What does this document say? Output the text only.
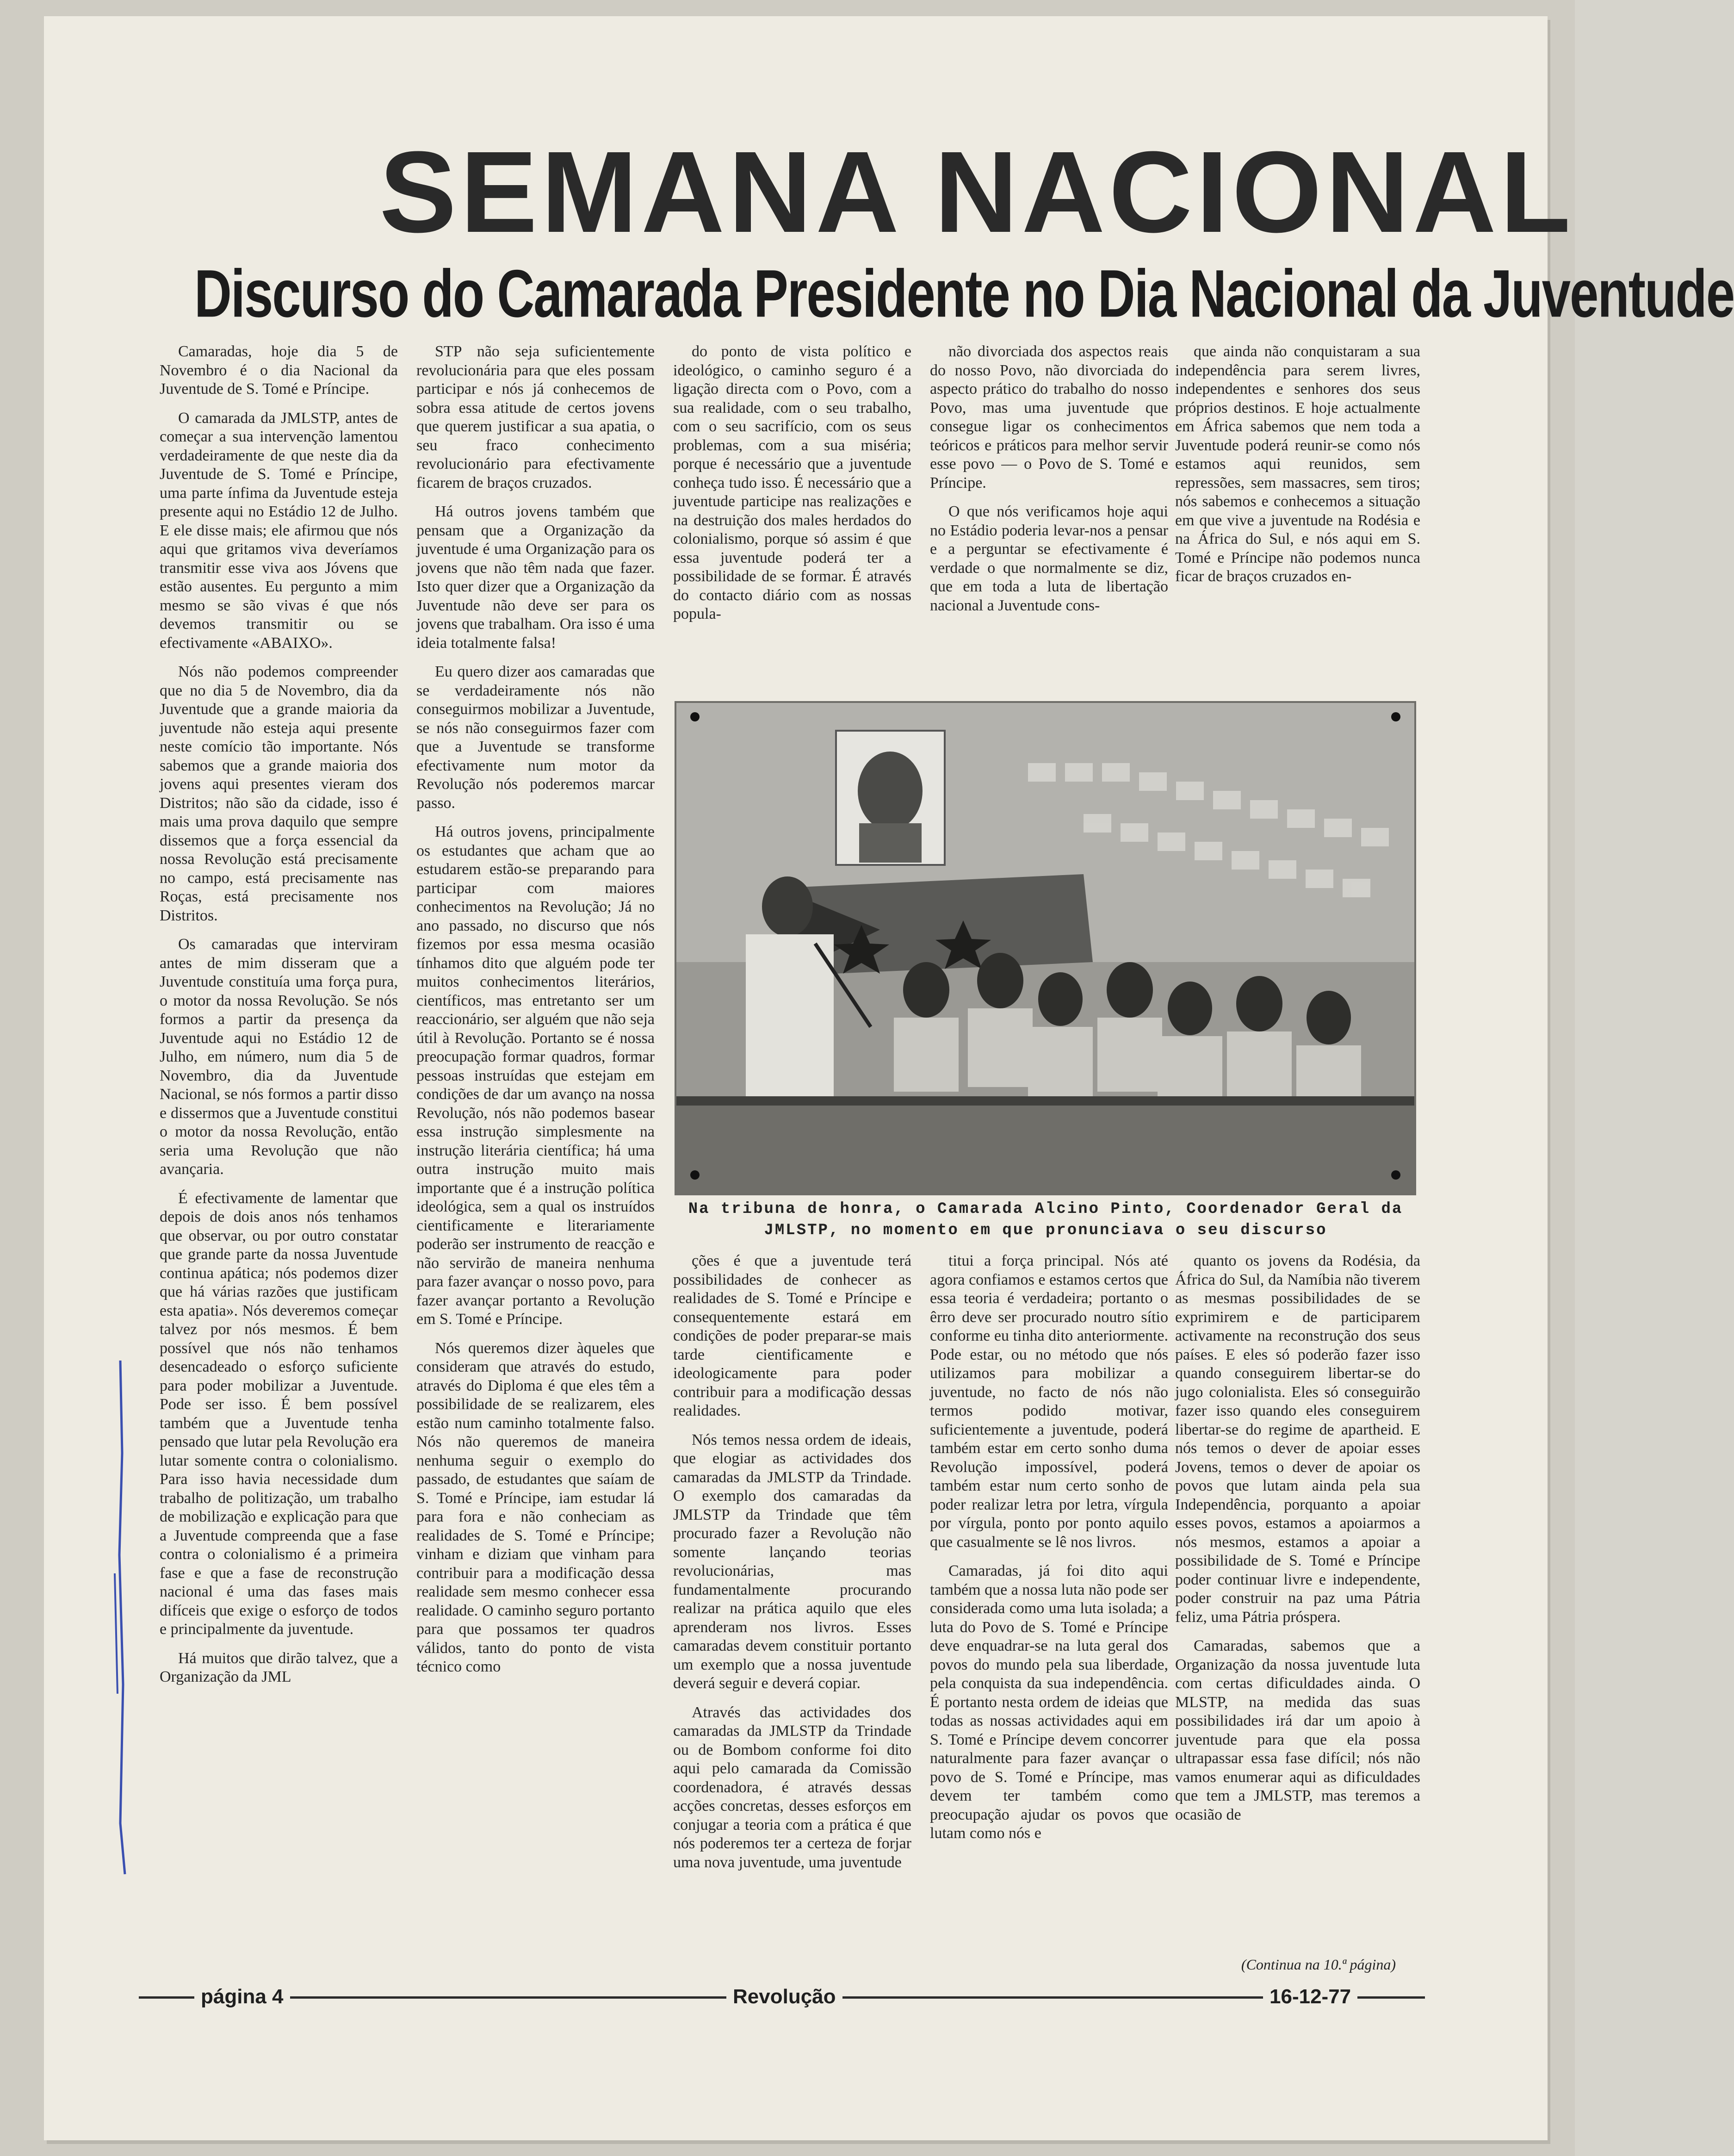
SEMANA NACIONAL
Discurso do Camarada Presidente no Dia Nacional da Juventude

Camaradas, hoje dia 5 de Novembro é o dia Nacional da Juventude de S. Tomé e Príncipe.

O camarada da JMLSTP, antes de começar a sua intervenção lamentou verdadeiramente de que neste dia da Juventude de S. Tomé e Príncipe, uma parte ínfima da Juventude esteja presente aqui no Estádio 12 de Julho. E ele disse mais; ele afirmou que nós aqui que gritamos viva deveríamos transmitir esse viva aos Jóvens que estão ausentes. Eu pergunto a mim mesmo se são vivas é que nós devemos transmitir ou se efectivamente «ABAIXO».

Nós não podemos compreender que no dia 5 de Novembro, dia da Juventude que a grande maioria da juventude não esteja aqui presente neste comício tão importante. Nós sabemos que a grande maioria dos jovens aqui presentes vieram dos Distritos; não são da cidade, isso é mais uma prova daquilo que sempre dissemos que a força essencial da nossa Revolução está precisamente no campo, está precisamente nas Roças, está precisamente nos Distritos.

Os camaradas que interviram antes de mim disseram que a Juventude constituía uma força pura, o motor da nossa Revolução. Se nós formos a partir da presença da Juventude aqui no Estádio 12 de Julho, em número, num dia 5 de Novembro, dia da Juventude Nacional, se nós formos a partir disso e dissermos que a Juventude constitui o motor da nossa Revolução, então seria uma Revolução que não avançaria.

É efectivamente de lamentar que depois de dois anos nós tenhamos que observar, ou por outro constatar que grande parte da nossa Juventude continua apática; nós podemos dizer que há várias razões que justificam esta apatia». Nós deveremos começar talvez por nós mesmos. É bem possível que nós não tenhamos desencadeado o esforço suficiente para poder mobilizar a Juventude. Pode ser isso. É bem possível também que a Juventude tenha pensado que lutar pela Revolução era lutar somente contra o colonialismo. Para isso havia necessidade dum trabalho de politização, um trabalho de mobilização e explicação para que a Juventude compreenda que a fase contra o colonialismo é a primeira fase e que a fase de reconstrução nacional é uma das fases mais difíceis que exige o esforço de todos e principalmente da juventude.

Há muitos que dirão talvez, que a Organização da JML

STP não seja suficientemente revolucionária para que eles possam participar e nós já conhecemos de sobra essa atitude de certos jovens que querem justificar a sua apatia, o seu fraco conhecimento revolucionário para efectivamente ficarem de braços cruzados.

Há outros jovens também que pensam que a Organização da juventude é uma Organização para os jovens que não têm nada que fazer. Isto quer dizer que a Organização da Juventude não deve ser para os jovens que trabalham. Ora isso é uma ideia totalmente falsa!

Eu quero dizer aos camaradas que se verdadeiramente nós não conseguirmos mobilizar a Juventude, se nós não conseguirmos fazer com que a Juventude se transforme efectivamente num motor da Revolução nós poderemos marcar passo.

Há outros jovens, principalmente os estudantes que acham que ao estudarem estão-se preparando para participar com maiores conhecimentos na Revolução; Já no ano passado, no discurso que nós fizemos por essa mesma ocasião tínhamos dito que alguém pode ter muitos conhecimentos literários, científicos, mas entretanto ser um reaccionário, ser alguém que não seja útil à Revolução. Portanto se é nossa preocupação formar quadros, formar pessoas instruídas que estejam em condições de dar um avanço na nossa Revolução, nós não podemos basear essa instrução simplesmente na instrução literária científica; há uma outra instrução muito mais importante que é a instrução política ideológica, sem a qual os instruídos cientificamente e literariamente poderão ser instrumento de reacção e não servirão de maneira nenhuma para fazer avançar o nosso povo, para fazer avançar portanto a Revolução em S. Tomé e Príncipe.

Nós queremos dizer àqueles que consideram que através do estudo, através do Diploma é que eles têm a possibilidade de se realizarem, eles estão num caminho totalmente falso. Nós não queremos de maneira nenhuma seguir o exemplo do passado, de estudantes que saíam de S. Tomé e Príncipe, iam estudar lá para fora e não conheciam as realidades de S. Tomé e Príncipe; vinham e diziam que vinham para contribuir para a modificação dessa realidade sem mesmo conhecer essa realidade. O caminho seguro portanto para que possamos ter quadros válidos, tanto do ponto de vista técnico como

do ponto de vista político e ideológico, o caminho seguro é a ligação directa com o Povo, com a sua realidade, com o seu trabalho, com o seu sacrifício, com os seus problemas, com a sua miséria; porque é necessário que a juventude conheça tudo isso. É necessário que a juventude participe nas realizações e na destruição dos males herdados do colonialismo, porque só assim é que essa juventude poderá ter a possibilidade de se formar. É através do contacto diário com as nossas popula-

não divorciada dos aspectos reais do nosso Povo, não divorciada do aspecto prático do trabalho do nosso Povo, mas uma juventude que consegue ligar os conhecimentos teóricos e práticos para melhor servir esse povo — o Povo de S. Tomé e Príncipe.

O que nós verificamos hoje aqui no Estádio poderia levar-nos a pensar e a perguntar se efectivamente é verdade o que normalmente se diz, que em toda a luta de libertação nacional a Juventude cons-

que ainda não conquistaram a sua independência para serem livres, independentes e senhores dos seus próprios destinos. E hoje actualmente em África sabemos que nem toda a Juventude poderá reunir-se como nós estamos aqui reunidos, sem repressões, sem massacres, sem tiros; nós sabemos e conhecemos a situação em que vive a juventude na Rodésia e na África do Sul, e nós aqui em S. Tomé e Príncipe não podemos nunca ficar de braços cruzados en-

Na tribuna de honra, o Camarada Alcino Pinto, Coordenador Geral da JMLSTP, no momento em que pronunciava o seu discurso

ções é que a juventude terá possibilidades de conhecer as realidades de S. Tomé e Príncipe e consequentemente estará em condições de poder preparar-se mais tarde cientificamente e ideologicamente para poder contribuir para a modificação dessas realidades.

Nós temos nessa ordem de ideais, que elogiar as actividades dos camaradas da JMLSTP da Trindade. O exemplo dos camaradas da JMLSTP da Trindade que têm procurado fazer a Revolução não somente lançando teorias revolucionárias, mas fundamentalmente procurando realizar na prática aquilo que eles aprenderam nos livros. Esses camaradas devem constituir portanto um exemplo que a nossa juventude deverá seguir e deverá copiar.

Através das actividades dos camaradas da JMLSTP da Trindade ou de Bombom conforme foi dito aqui pelo camarada da Comissão coordenadora, é através dessas acções concretas, desses esforços em conjugar a teoria com a prática é que nós poderemos ter a certeza de forjar uma nova juventude, uma juventude

titui a força principal. Nós até agora confiamos e estamos certos que essa teoria é verdadeira; portanto o êrro deve ser procurado noutro sítio conforme eu tinha dito anteriormente. Pode estar, ou no método que nós utilizamos para mobilizar a juventude, no facto de nós não termos podido motivar, suficientemente a juventude, poderá também estar em certo sonho duma Revolução impossível, poderá também estar num certo sonho de poder realizar letra por letra, vírgula por vírgula, ponto por ponto aquilo que casualmente se lê nos livros.

Camaradas, já foi dito aqui também que a nossa luta não pode ser considerada como uma luta isolada; a luta do Povo de S. Tomé e Príncipe deve enquadrar-se na luta geral dos povos do mundo pela sua liberdade, pela conquista da sua independência. É portanto nesta ordem de ideias que todas as nossas actividades aqui em S. Tomé e Príncipe devem concorrer naturalmente para fazer avançar o povo de S. Tomé e Príncipe, mas devem ter também como preocupação ajudar os povos que lutam como nós e

quanto os jovens da Rodésia, da África do Sul, da Namíbia não tiverem as mesmas possibilidades de se exprimirem e de participarem activamente na reconstrução dos seus países. E eles só poderão fazer isso quando conseguirem libertar-se do jugo colonialista. Eles só conseguirão fazer isso quando eles conseguirem libertar-se do regime de apartheid. E nós temos o dever de apoiar esses Jovens, temos o dever de apoiar os povos que lutam ainda pela sua Independência, porquanto a apoiar esses povos, estamos a apoiarmos a nós mesmos, estamos a apoiar a possibilidade de S. Tomé e Príncipe poder continuar livre e independente, poder construir na paz uma Pátria feliz, uma Pátria próspera.

Camaradas, sabemos que a Organização da nossa juventude luta com certas dificuldades ainda. O MLSTP, na medida das suas possibilidades irá dar um apoio à juventude para que ela possa ultrapassar essa fase difícil; nós não vamos enumerar aqui as dificuldades que tem a JMLSTP, mas teremos a ocasião de

(Continua na 10.ª página)
página 4	Revolução	16-12-77
